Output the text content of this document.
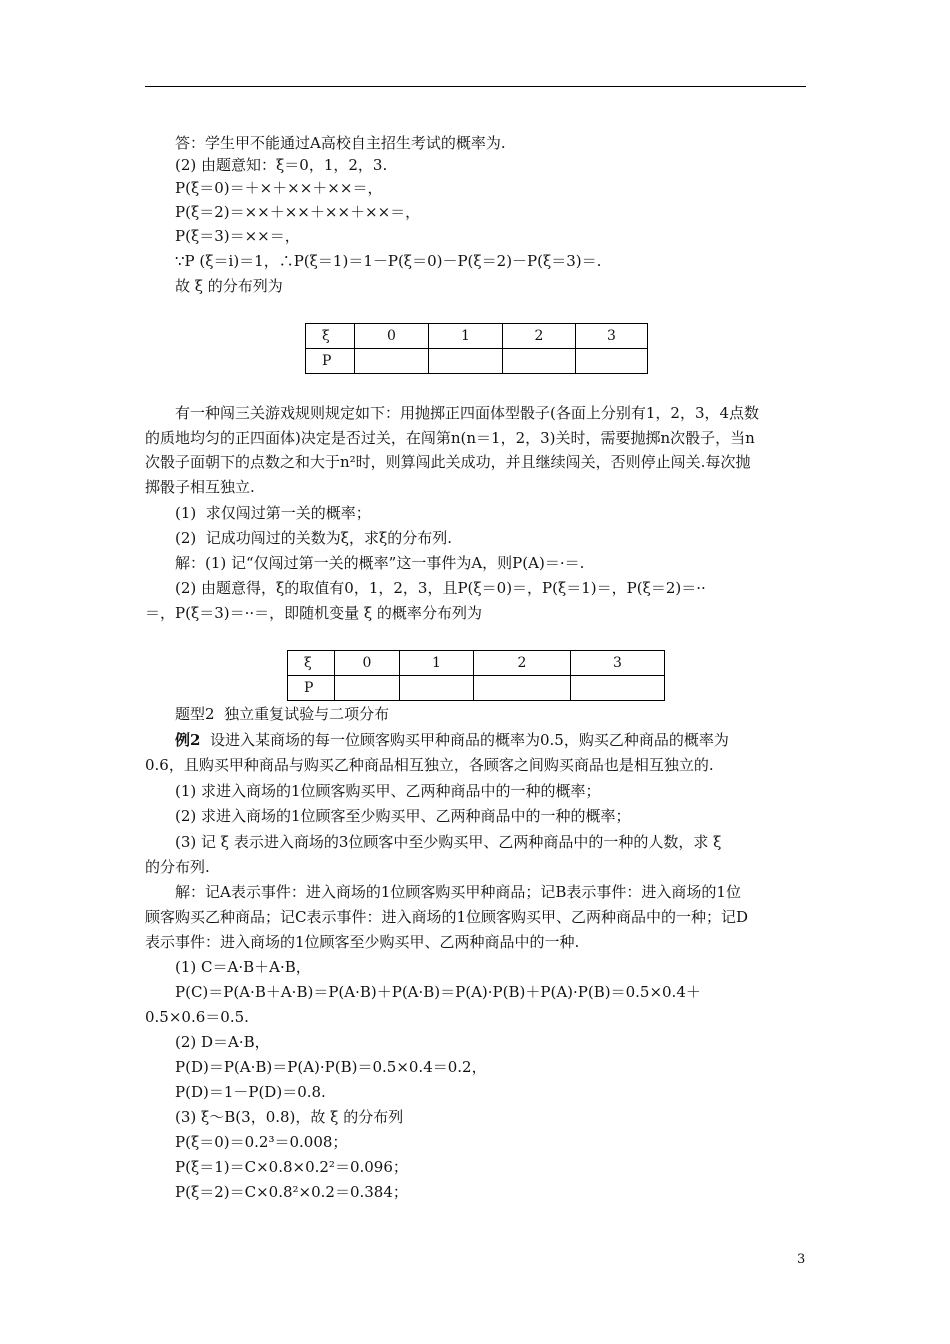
答：学生甲不能通过A高校自主招生考试的概率为.
(2) 由题意知：ξ＝0，1，2，3.
P(ξ＝0)＝＋×＋××＋××＝，
P(ξ＝2)＝××＋××＋××＋××＝，
P(ξ＝3)＝××＝，
∵P (ξ＝i)＝1，∴P(ξ＝1)＝1－P(ξ＝0)－P(ξ＝2)－P(ξ＝3)＝.
故 ξ 的分布列为
ξ	0	1	2	3
P				
有一种闯三关游戏规则规定如下：用抛掷正四面体型骰子(各面上分别有1，2，3，4点数
的质地均匀的正四面体)决定是否过关，在闯第n(n＝1，2，3)关时，需要抛掷n次骰子，当n
次骰子面朝下的点数之和大于n²时，则算闯此关成功，并且继续闯关，否则停止闯关.每次抛
掷骰子相互独立.
(1)  求仅闯过第一关的概率；
(2)  记成功闯过的关数为ξ，求ξ的分布列.
解：(1) 记“仅闯过第一关的概率”这一事件为A，则P(A)＝·＝.
(2) 由题意得，ξ的取值有0，1，2，3，且P(ξ＝0)＝，P(ξ＝1)＝，P(ξ＝2)＝··
＝，P(ξ＝3)＝··＝，即随机变量 ξ 的概率分布列为
ξ	0	1	2	3
P				
题型2  独立重复试验与二项分布
例2  设进入某商场的每一位顾客购买甲种商品的概率为0.5，购买乙种商品的概率为
0.6，且购买甲种商品与购买乙种商品相互独立，各顾客之间购买商品也是相互独立的.
(1) 求进入商场的1位顾客购买甲、乙两种商品中的一种的概率；
(2) 求进入商场的1位顾客至少购买甲、乙两种商品中的一种的概率；
(3) 记 ξ 表示进入商场的3位顾客中至少购买甲、乙两种商品中的一种的人数，求 ξ
的分布列.
解：记A表示事件：进入商场的1位顾客购买甲种商品；记B表示事件：进入商场的1位
顾客购买乙种商品；记C表示事件：进入商场的1位顾客购买甲、乙两种商品中的一种；记D
表示事件：进入商场的1位顾客至少购买甲、乙两种商品中的一种.
(1) C＝A·B＋A·B，
P(C)＝P(A·B＋A·B)＝P(A·B)＋P(A·B)＝P(A)·P(B)＋P(A)·P(B)＝0.5×0.4＋
0.5×0.6＝0.5.
(2) D＝A·B，
P(D)＝P(A·B)＝P(A)·P(B)＝0.5×0.4＝0.2，
P(D)＝1－P(D)＝0.8.
(3) ξ～B(3，0.8)，故 ξ 的分布列
P(ξ＝0)＝0.2³＝0.008；
P(ξ＝1)＝C×0.8×0.2²＝0.096；
P(ξ＝2)＝C×0.8²×0.2＝0.384；
3
